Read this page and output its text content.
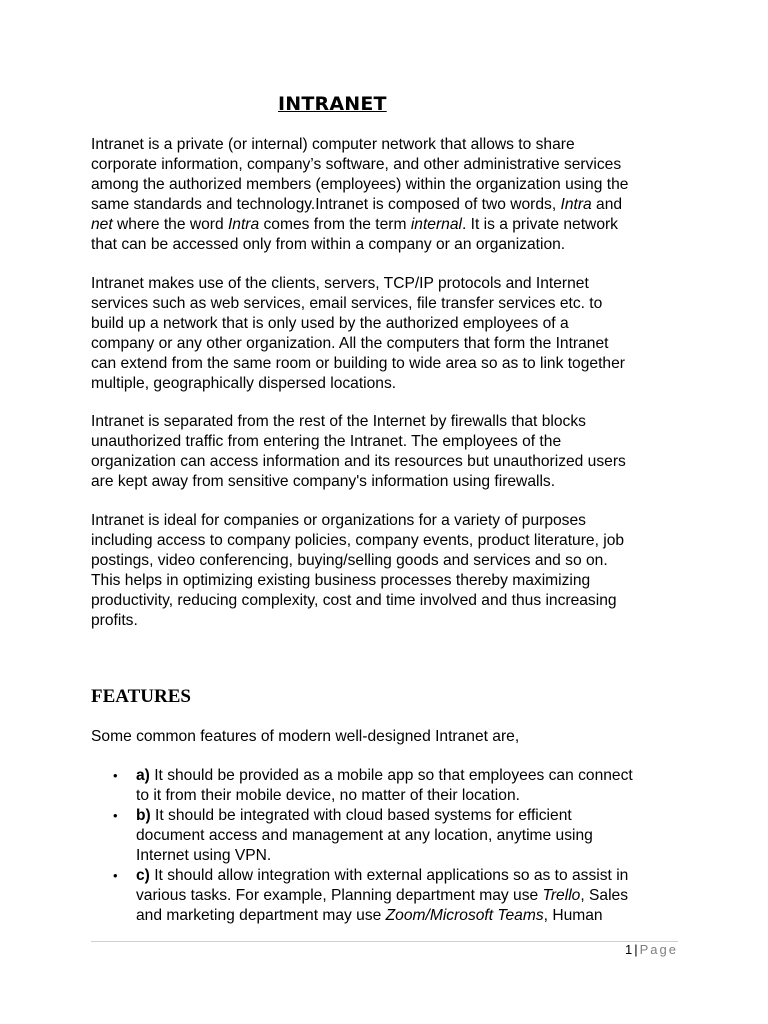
INTRANET
Intranet is a private (or internal) computer network that allows to share
corporate information, company’s software, and other administrative services
among the authorized members (employees) within the organization using the
same standards and technology.Intranet is composed of two words, Intra and
net where the word Intra comes from the term internal. It is a private network
that can be accessed only from within a company or an organization.
Intranet makes use of the clients, servers, TCP/IP protocols and Internet
services such as web services, email services, file transfer services etc. to
build up a network that is only used by the authorized employees of a
company or any other organization. All the computers that form the Intranet
can extend from the same room or building to wide area so as to link together
multiple, geographically dispersed locations.
Intranet is separated from the rest of the Internet by firewalls that blocks
unauthorized traffic from entering the Intranet. The employees of the
organization can access information and its resources but unauthorized users
are kept away from sensitive company's information using firewalls.
Intranet is ideal for companies or organizations for a variety of purposes
including access to company policies, company events, product literature, job
postings, video conferencing, buying/selling goods and services and so on.
This helps in optimizing existing business processes thereby maximizing
productivity, reducing complexity, cost and time involved and thus increasing
profits.
FEATURES
Some common features of modern well-designed Intranet are,
• a) It should be provided as a mobile app so that employees can connect
to it from their mobile device, no matter of their location.
• b) It should be integrated with cloud based systems for efficient
document access and management at any location, anytime using
Internet using VPN.
• c) It should allow integration with external applications so as to assist in
various tasks. For example, Planning department may use Trello, Sales
and marketing department may use Zoom/Microsoft Teams, Human
1 | Page
